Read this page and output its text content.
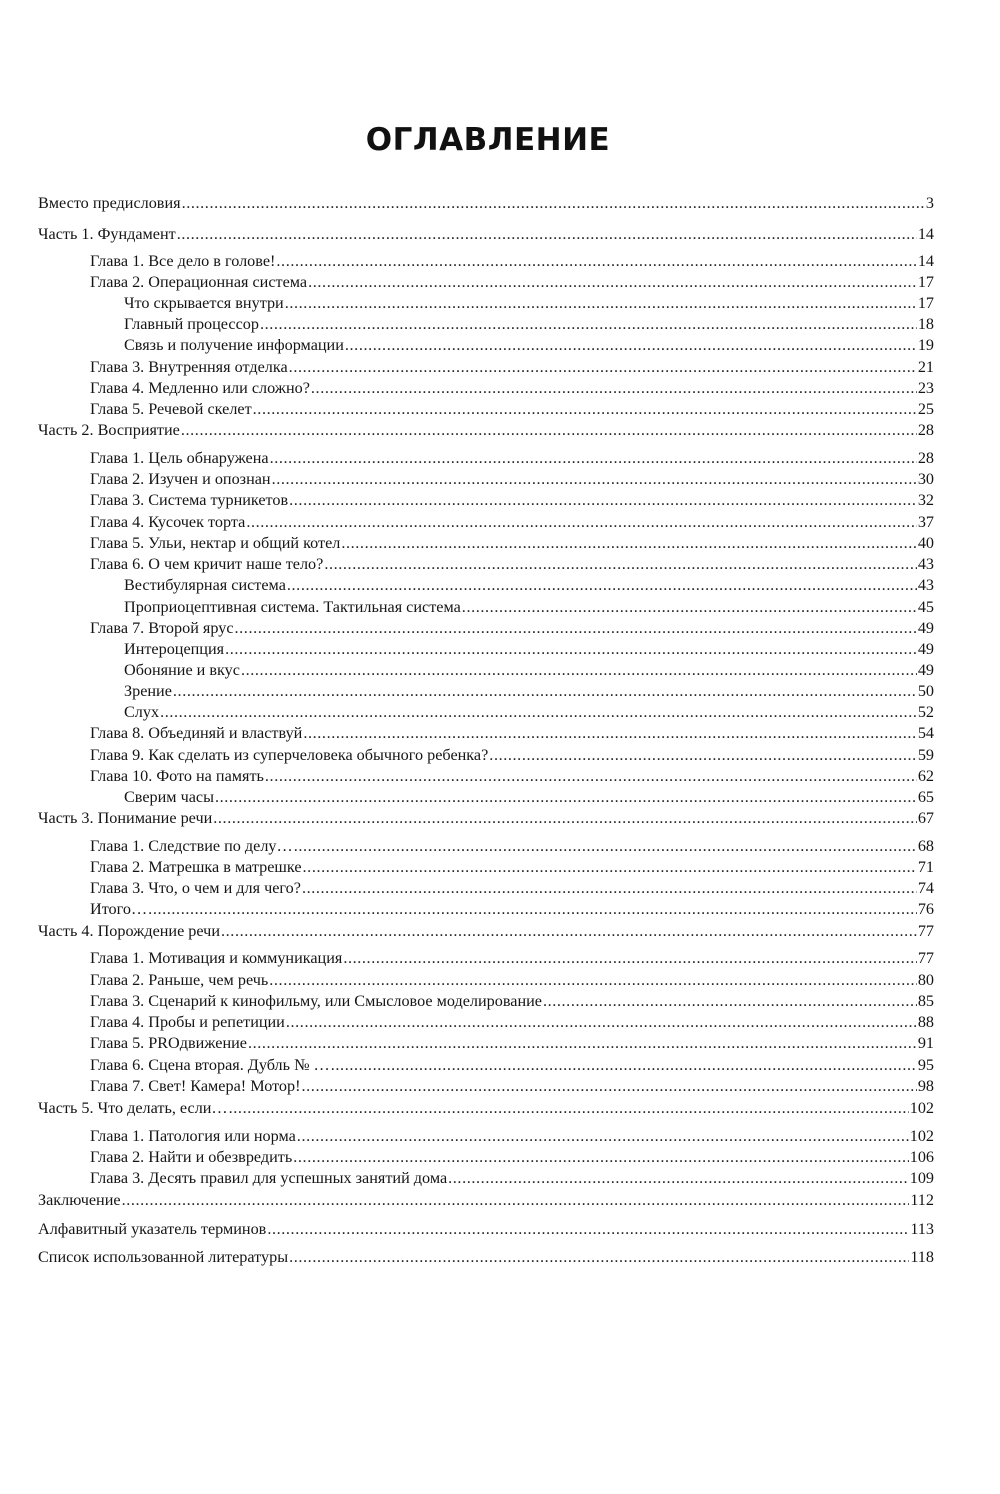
ОГЛАВЛЕНИЕ
Вместо предисловия .....	3
Часть 1. Фундамент .....	14
Глава 1. Все дело в голове! .....	14
Глава 2. Операционная система .....	17
Что скрывается внутри .....	17
Главный процессор .....	18
Связь и получение информации .....	19
Глава 3. Внутренняя отделка .....	21
Глава 4. Медленно или сложно? .....	23
Глава 5. Речевой скелет .....	25
Часть 2. Восприятие .....	28
Глава 1. Цель обнаружена .....	28
Глава 2. Изучен и опознан .....	30
Глава 3. Система турникетов .....	32
Глава 4. Кусочек торта .....	37
Глава 5. Ульи, нектар и общий котел .....	40
Глава 6. О чем кричит наше тело? .....	43
Вестибулярная система .....	43
Проприоцептивная система. Тактильная система .....	45
Глава 7. Второй ярус .....	49
Интероцепция .....	49
Обоняние и вкус .....	49
Зрение .....	50
Слух .....	52
Глава 8. Объединяй и властвуй .....	54
Глава 9. Как сделать из суперчеловека обычного ребенка? .....	59
Глава 10. Фото на память .....	62
Сверим часы .....	65
Часть 3. Понимание речи .....	67
Глава 1. Следствие по делу… .....	68
Глава 2. Матрешка в матрешке .....	71
Глава 3. Что, о чем и для чего? .....	74
Итого… .....	76
Часть 4. Порождение речи .....	77
Глава 1. Мотивация и коммуникация .....	77
Глава 2. Раньше, чем речь .....	80
Глава 3. Сценарий к кинофильму, или Смысловое моделирование .....	85
Глава 4. Пробы и репетиции .....	88
Глава 5. PROдвижение .....	91
Глава 6. Сцена вторая. Дубль № … .....	95
Глава 7. Свет! Камера! Мотор! .....	98
Часть 5. Что делать, если… .....	102
Глава 1. Патология или норма .....	102
Глава 2. Найти и обезвредить .....	106
Глава 3. Десять правил для успешных занятий дома .....	109
Заключение .....	112
Алфавитный указатель терминов .....	113
Список использованной литературы .....	118
